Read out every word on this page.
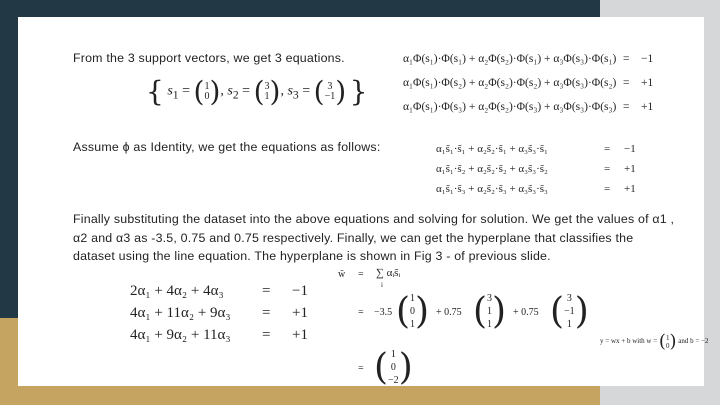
From the 3 support vectors, we get 3 equations.
{ $s_1 = (1$
0), $s_2 = (3$
1), $s_3$ = ( 3
−1) }
α₁Φ(s₁)·Φ(s₁) + α₂Φ(s₂)·Φ(s₁) + α₃Φ(s₃)·Φ(s₁) = −1
α₁Φ(s₁)·Φ(s₂) + α₂Φ(s₂)·Φ(s₂) + α₃Φ(s₃)·Φ(s₂) = +1
α₁Φ(s₁)·Φ(s₃) + α₂Φ(s₂)·Φ(s₃) + α₃Φ(s₃)·Φ(s₃) = +1
Assume ϕ as Identity, we get the equations as follows:	α₁s̃₁·s̃₁ + α₂s̃₂·s̃₁ + α₃s̃₃·s̃₁	= −1
α₁s̃₁·s̃₂ + α₂s̃₂·s̃₂ + α₃s̃₃·s̃₂	= +1
α₁s̃₁·s̃₃ + α₂s̃₂·s̃₃ + α₃s̃₃·s̃₃	= +1
Finally substituting the dataset into the above equations and solving for solution. We get the values of α1 ,
α2 and α3 as -3.5, 0.75 and 0.75 respectively. Finally, we can get the hyperplane that classifies the
dataset using the line equation. The hyperplane is shown in Fig 3 - of previous slide.
2α₁ + 4α₂ + 4α₃	= −1
4α₁ + 11α₂ + 9α₃ = +1
4α₁ + 9α₂ + 11α₃ = +1
w̃ = ∑ αᵢs̃ᵢ
i
= −3.5 (1
0
1) + 0.75 (3
1
1) + 0.75 ( 3
−1
1)
y = wx + b with w = (1
0) and b = −2
= ( 1
0
−2)
